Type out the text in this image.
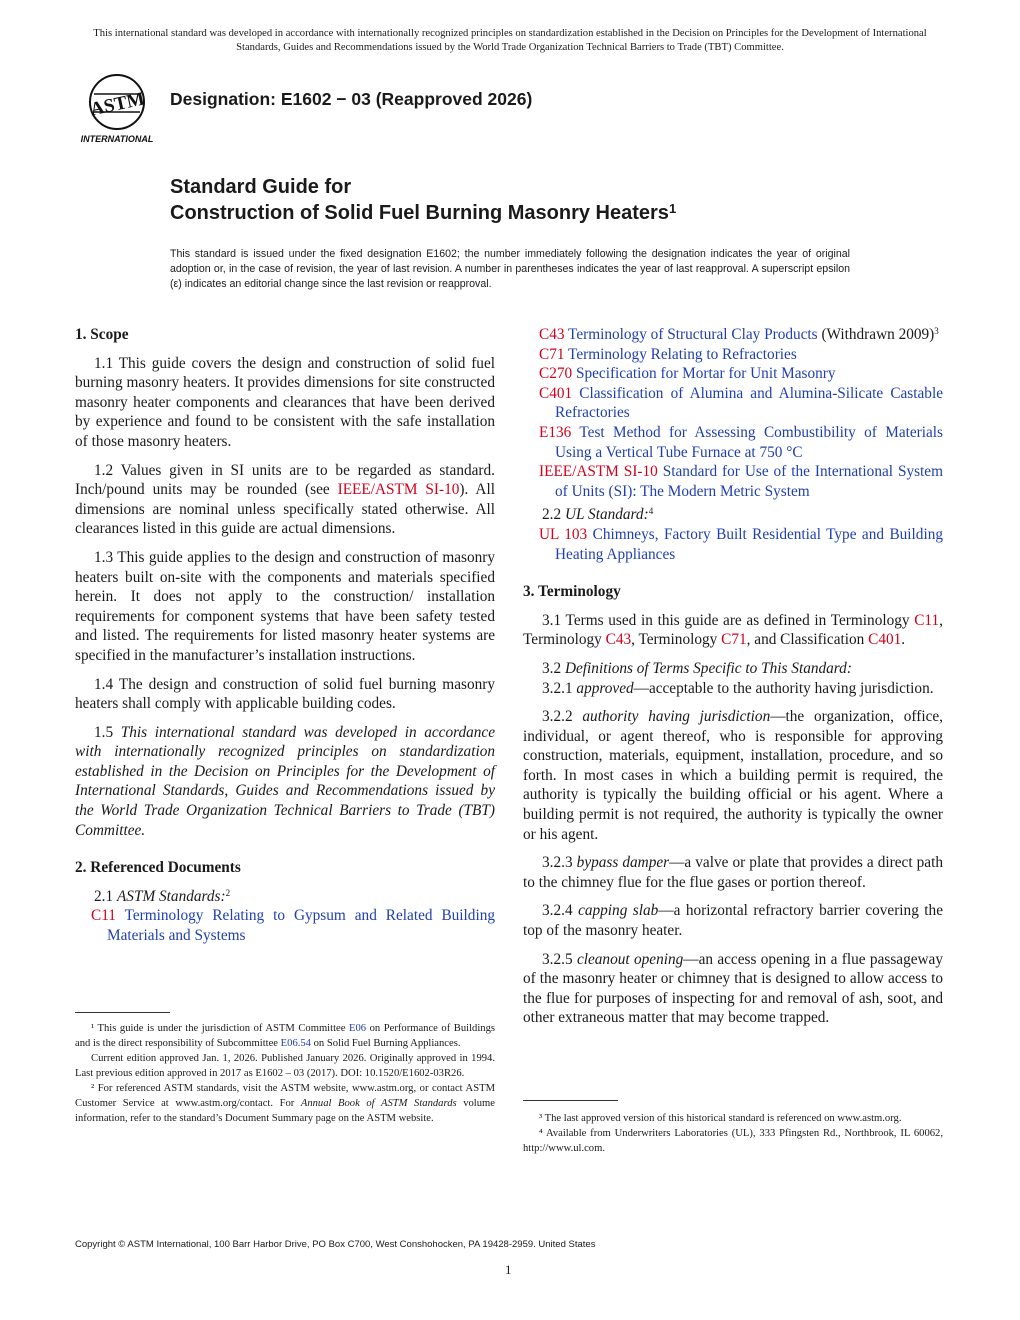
This international standard was developed in accordance with internationally recognized principles on standardization established in the Decision on Principles for the Development of International Standards, Guides and Recommendations issued by the World Trade Organization Technical Barriers to Trade (TBT) Committee.
ASTM
INTERNATIONAL
Designation: E1602 − 03 (Reapproved 2026)
Standard Guide for
Construction of Solid Fuel Burning Masonry Heaters$^1$
This standard is issued under the fixed designation E1602; the number immediately following the designation indicates the year of original adoption or, in the case of revision, the year of last revision. A number in parentheses indicates the year of last reapproval. A superscript epsilon (ε) indicates an editorial change since the last revision or reapproval.

1. Scope

1.1 This guide covers the design and construction of solid fuel burning masonry heaters. It provides dimensions for site constructed masonry heater components and clearances that have been derived by experience and found to be consistent with the safe installation of those masonry heaters.

1.2 Values given in SI units are to be regarded as standard. Inch/pound units may be rounded (see IEEE/ASTM SI-10). All dimensions are nominal unless specifically stated otherwise. All clearances listed in this guide are actual dimensions.

1.3 This guide applies to the design and construction of masonry heaters built on-site with the components and materials specified herein. It does not apply to the construction/ installation requirements for component systems that have been safety tested and listed. The requirements for listed masonry heater systems are specified in the manufacturer’s installation instructions.

1.4 The design and construction of solid fuel burning masonry heaters shall comply with applicable building codes.

1.5 This international standard was developed in accordance with internationally recognized principles on standardization established in the Decision on Principles for the Development of International Standards, Guides and Recommendations issued by the World Trade Organization Technical Barriers to Trade (TBT) Committee.

2. Referenced Documents

2.1 ASTM Standards:$^2$

C11 Terminology Relating to Gypsum and Related Building Materials and Systems

¹ This guide is under the jurisdiction of ASTM Committee E06 on Performance of Buildings and is the direct responsibility of Subcommittee E06.54 on Solid Fuel Burning Appliances.

Current edition approved Jan. 1, 2026. Published January 2026. Originally approved in 1994. Last previous edition approved in 2017 as E1602 – 03 (2017). DOI: 10.1520/E1602-03R26.

² For referenced ASTM standards, visit the ASTM website, www.astm.org, or contact ASTM Customer Service at www.astm.org/contact. For Annual Book of ASTM Standards volume information, refer to the standard’s Document Summary page on the ASTM website.

C43 Terminology of Structural Clay Products (Withdrawn 2009)$^3$

C71 Terminology Relating to Refractories

C270 Specification for Mortar for Unit Masonry

C401 Classification of Alumina and Alumina-Silicate Castable Refractories

E136 Test Method for Assessing Combustibility of Materials Using a Vertical Tube Furnace at 750 °C

IEEE/ASTM SI-10 Standard for Use of the International System of Units (SI): The Modern Metric System

2.2 UL Standard:$^4$

UL 103 Chimneys, Factory Built Residential Type and Building Heating Appliances

3. Terminology

3.1 Terms used in this guide are as defined in Terminology C11, Terminology C43, Terminology C71, and Classification C401.

3.2 Definitions of Terms Specific to This Standard:

3.2.1 approved—acceptable to the authority having jurisdiction.

3.2.2 authority having jurisdiction—the organization, office, individual, or agent thereof, who is responsible for approving construction, materials, equipment, installation, procedure, and so forth. In most cases in which a building permit is required, the authority is typically the building official or his agent. Where a building permit is not required, the authority is typically the owner or his agent.

3.2.3 bypass damper—a valve or plate that provides a direct path to the chimney flue for the flue gases or portion thereof.

3.2.4 capping slab—a horizontal refractory barrier covering the top of the masonry heater.

3.2.5 cleanout opening—an access opening in a flue passageway of the masonry heater or chimney that is designed to allow access to the flue for purposes of inspecting for and removal of ash, soot, and other extraneous matter that may become trapped.

³ The last approved version of this historical standard is referenced on www.astm.org.

⁴ Available from Underwriters Laboratories (UL), 333 Pfingsten Rd., Northbrook, IL 60062, http://www.ul.com.

Copyright © ASTM International, 100 Barr Harbor Drive, PO Box C700, West Conshohocken, PA 19428-2959. United States
1
